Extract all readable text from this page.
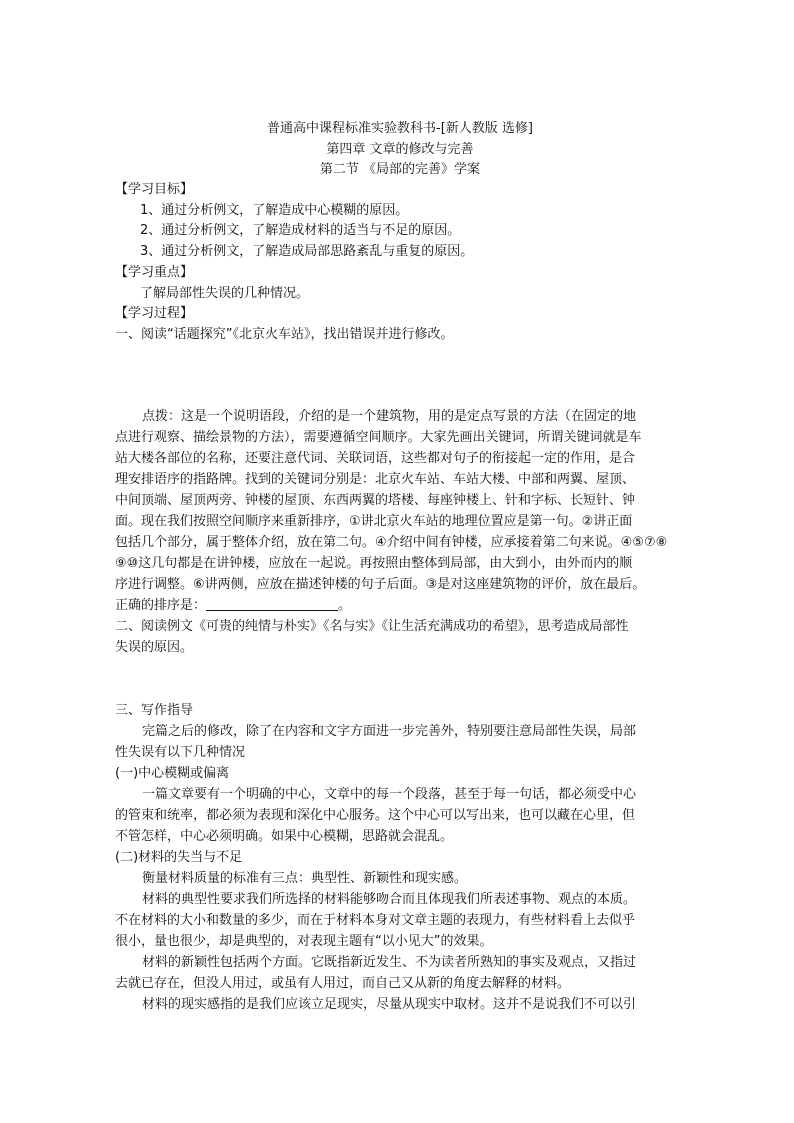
普通高中课程标准实验教科书-[新人教版 选修]
第四章 文章的修改与完善
第二节 《局部的完善》学案
【学习目标】
1、通过分析例文，了解造成中心模糊的原因。
2、通过分析例文，了解造成材料的适当与不足的原因。
3、通过分析例文，了解造成局部思路紊乱与重复的原因。
【学习重点】
了解局部性失误的几种情况。
【学习过程】
一、阅读“话题探究”《北京火车站》，找出错误并进行修改。
点拨：这是一个说明语段，介绍的是一个建筑物，用的是定点写景的方法（在固定的地
点进行观察、描绘景物的方法），需要遵循空间顺序。大家先画出关键词，所谓关键词就是车
站大楼各部位的名称，还要注意代词、关联词语，这些都对句子的衔接起一定的作用，是合
理安排语序的指路牌。找到的关键词分别是：北京火车站、车站大楼、中部和两翼、屋顶、
中间顶端、屋顶两旁、钟楼的屋顶、东西两翼的塔楼、每座钟楼上、针和字标、长短针、钟
面。现在我们按照空间顺序来重新排序，①讲北京火车站的地理位置应是第一句。②讲正面
包括几个部分，属于整体介绍，放在第二句。④介绍中间有钟楼，应承接着第二句来说。④⑤⑦⑧
⑨⑩这几句都是在讲钟楼，应放在一起说。再按照由整体到局部，由大到小，由外而内的顺
序进行调整。⑥讲两侧，应放在描述钟楼的句子后面。③是对这座建筑物的评价，放在最后。
正确的排序是：	。
二、阅读例文《可贵的纯情与朴实》《名与实》《让生活充满成功的希望》，思考造成局部性
失误的原因。
三、写作指导
完篇之后的修改，除了在内容和文字方面进一步完善外，特别要注意局部性失误，局部
性失误有以下几种情况
(一)中心模糊或偏离
一篇文章要有一个明确的中心，文章中的每一个段落，甚至于每一句话，都必须受中心
的管束和统率，都必须为表现和深化中心服务。这个中心可以写出来，也可以藏在心里，但
不管怎样，中心必须明确。如果中心模糊，思路就会混乱。
(二)材料的失当与不足
衡量材料质量的标准有三点：典型性、新颖性和现实感。
材料的典型性要求我们所选择的材料能够吻合而且体现我们所表述事物、观点的本质。
不在材料的大小和数量的多少，而在于材料本身对文章主题的表现力，有些材料看上去似乎
很小，量也很少，却是典型的，对表现主题有“以小见大”的效果。
材料的新颖性包括两个方面。它既指新近发生、不为读者所熟知的事实及观点，又指过
去就已存在，但没人用过，或虽有人用过，而自己又从新的角度去解释的材料。
材料的现实感指的是我们应该立足现实，尽量从现实中取材。这并不是说我们不可以引
